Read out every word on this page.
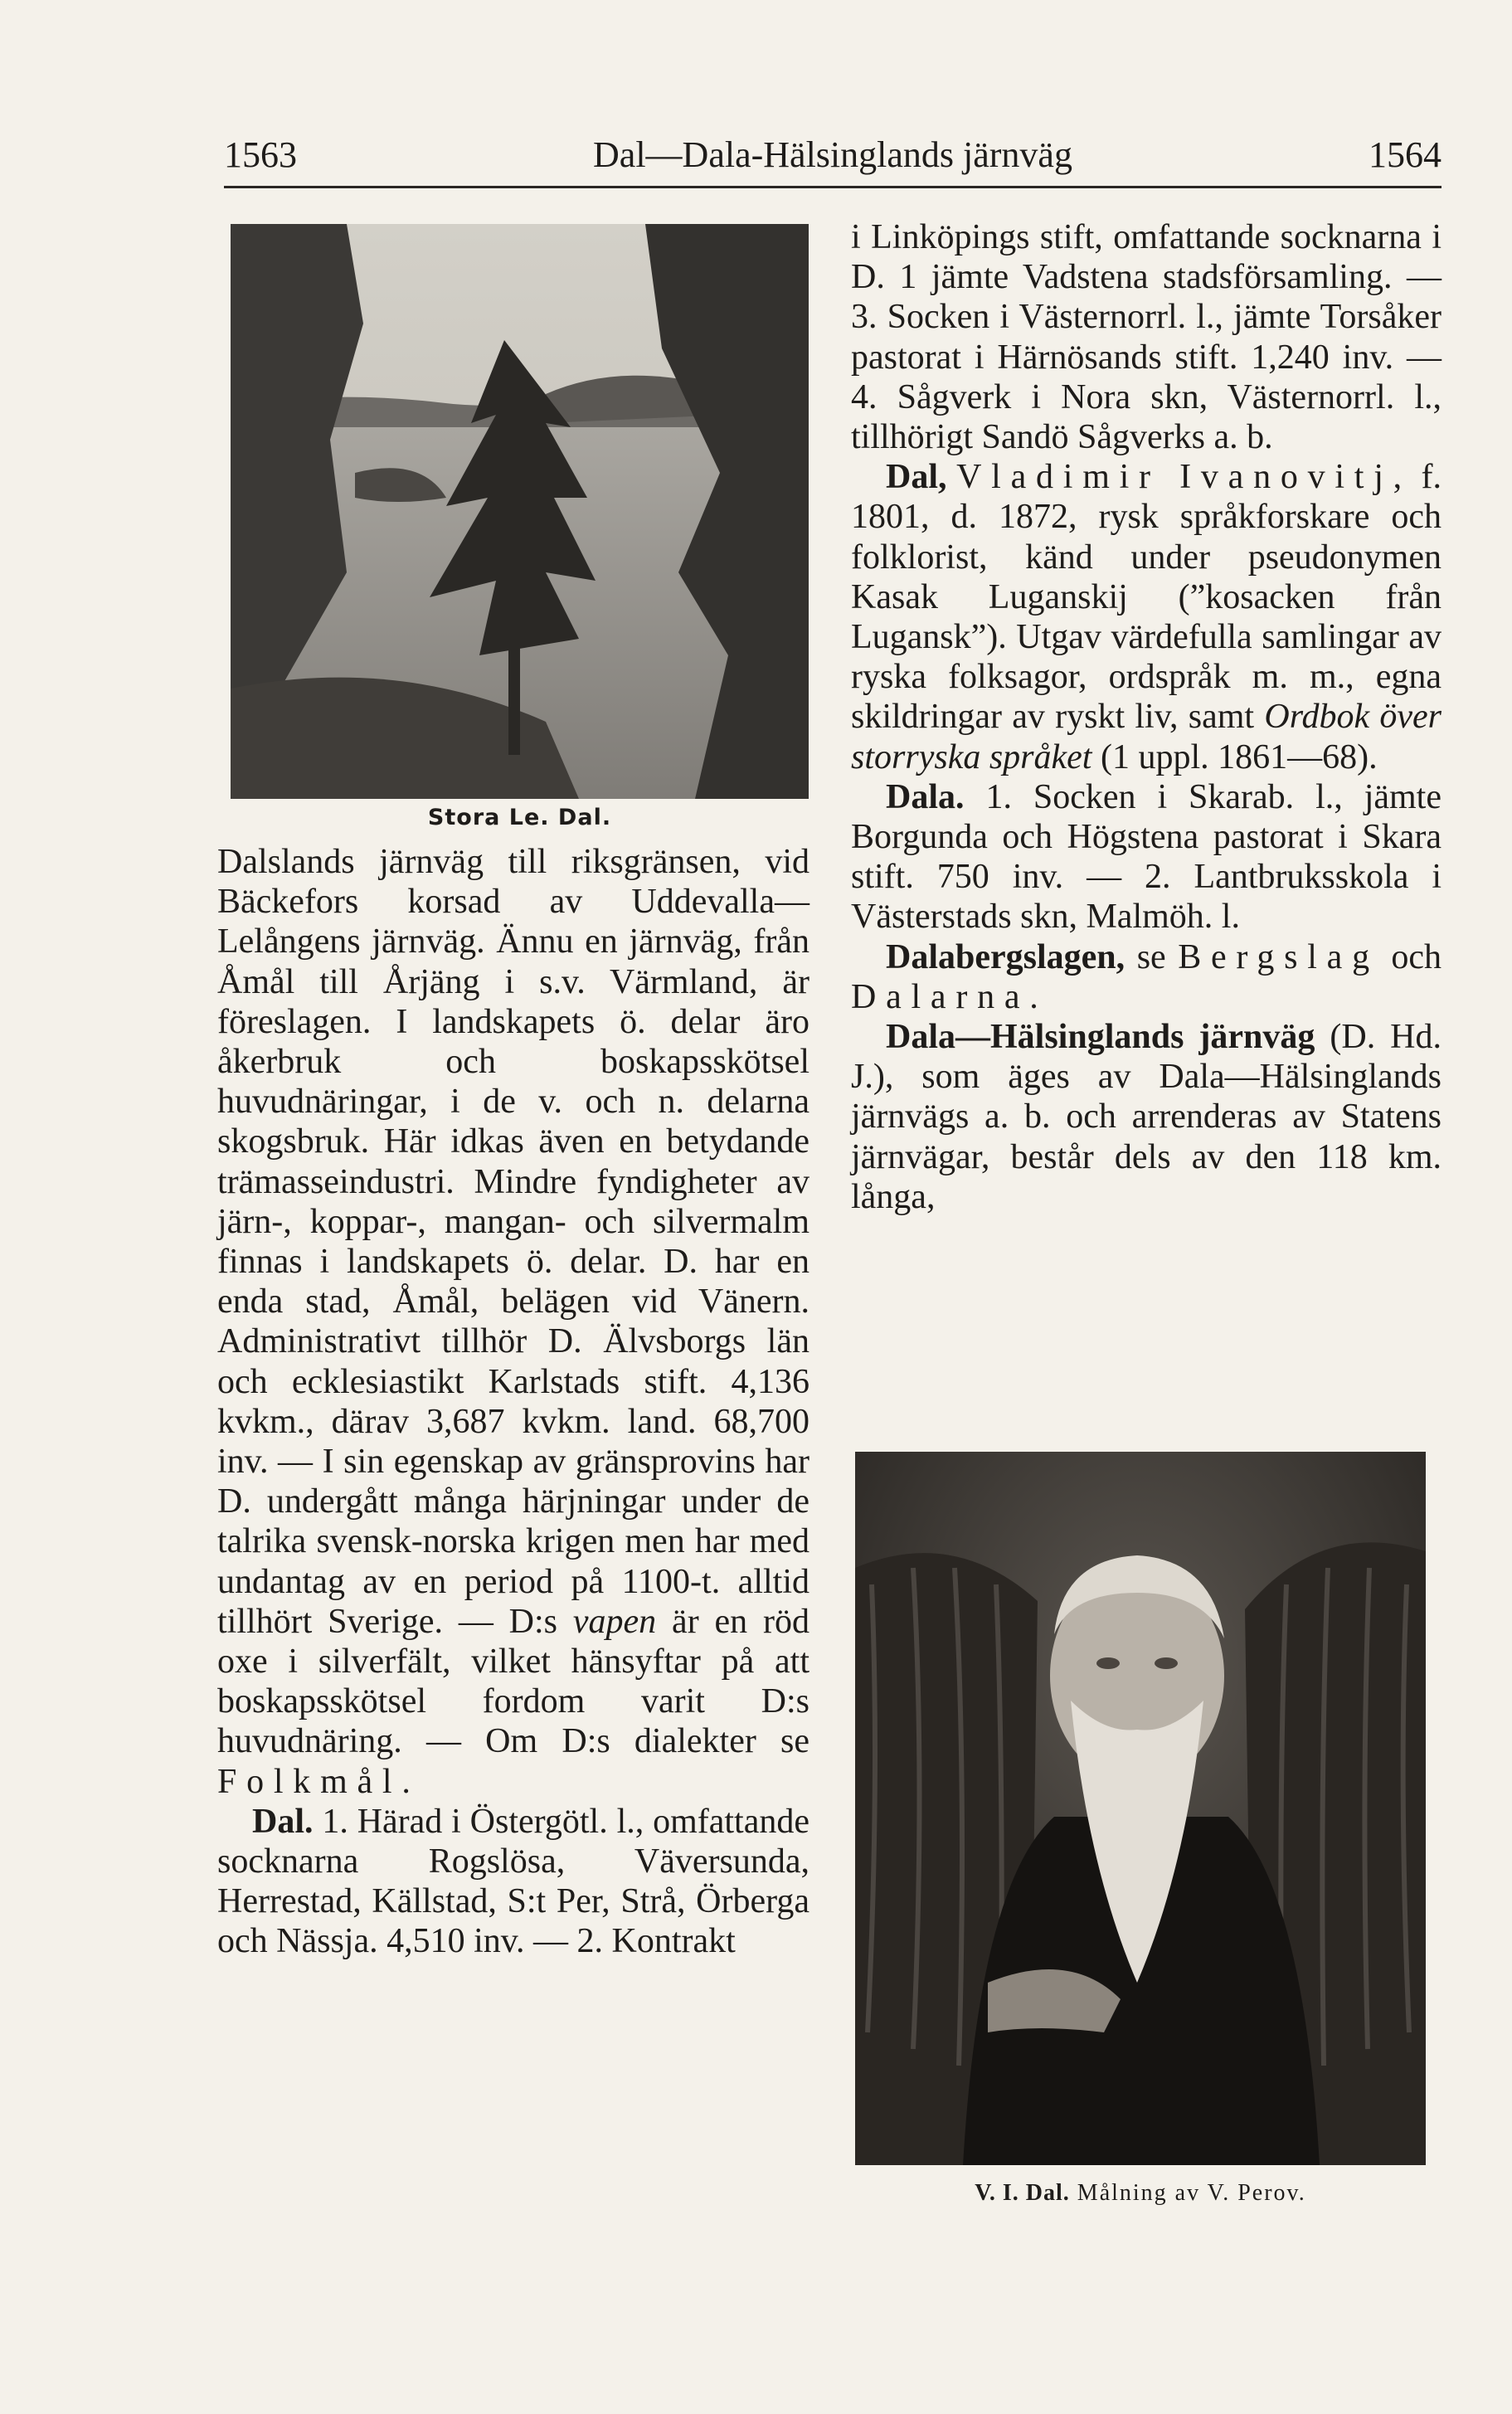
1563	Dal—Dala-Hälsinglands järnväg	1564
Stora Le. Dal.

Dalslands järnväg till riksgränsen, vid Bäckefors korsad av Uddevalla—Lelångens järnväg. Ännu en järnväg, från Åmål till Årjäng i s.v. Värmland, är föreslagen. I landskapets ö. delar äro åkerbruk och boskapsskötsel huvudnäringar, i de v. och n. delarna skogsbruk. Här idkas även en betydande trämasseindustri. Mindre fyndigheter av järn-, koppar-, mangan- och silvermalm finnas i landskapets ö. delar. D. har en enda stad, Åmål, belägen vid Vänern. Administrativt tillhör D. Älvsborgs län och ecklesiastikt Karlstads stift. 4,136 kvkm., därav 3,687 kvkm. land. 68,700 inv. — I sin egenskap av gränsprovins har D. undergått många härjningar under de talrika svensk-norska krigen men har med undantag av en period på 1100-t. alltid tillhört Sverige. — D:s vapen är en röd oxe i silverfält, vilket hänsyftar på att boskapsskötsel fordom varit D:s huvudnäring. — Om D:s dialekter se Folkmål.

Dal. 1. Härad i Östergötl. l., omfattande socknarna Rogslösa, Väversunda, Herrestad, Källstad, S:t Per, Strå, Örberga och Nässja. 4,510 inv. — 2. Kontrakt

i Linköpings stift, omfattande socknarna i D. 1 jämte Vadstena stadsförsamling. — 3. Socken i Västernorrl. l., jämte Torsåker pastorat i Härnösands stift. 1,240 inv. — 4. Sågverk i Nora skn, Västernorrl. l., tillhörigt Sandö Sågverks a. b.

Dal, Vladimir Ivanovitj, f. 1801, d. 1872, rysk språkforskare och folklorist, känd under pseudonymen Kasak Luganskij (”kosacken från Lugansk”). Utgav värdefulla samlingar av ryska folksagor, ordspråk m. m., egna skildringar av ryskt liv, samt Ordbok över storryska språket (1 uppl. 1861—68).

Dala. 1. Socken i Skarab. l., jämte Borgunda och Högstena pastorat i Skara stift. 750 inv. — 2. Lantbruksskola i Västerstads skn, Malmöh. l.

Dalabergslagen, se Bergslag och Dalarna.

Dala—Hälsinglands järnväg (D. Hd. J.), som äges av Dala—Hälsinglands järnvägs a. b. och arrenderas av Statens järnvägar, består dels av den 118 km. långa,

V. I. Dal. Målning av V. Perov.
